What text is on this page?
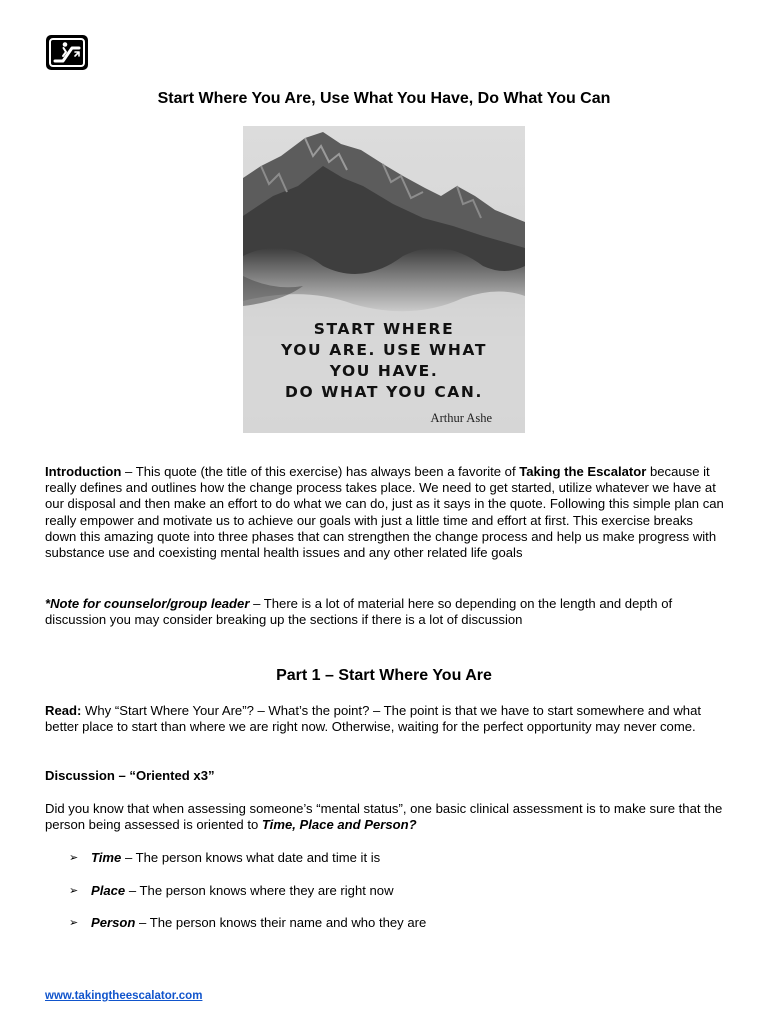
Start Where You Are, Use What You Have, Do What You Can
START WHERE
YOU ARE. USE WHAT
YOU HAVE.
DO WHAT YOU CAN.
Arthur Ashe

Introduction – This quote (the title of this exercise) has always been a favorite of Taking the Escalator because it really defines and outlines how the change process takes place. We need to get started, utilize whatever we have at our disposal and then make an effort to do what we can do, just as it says in the quote. Following this simple plan can really empower and motivate us to achieve our goals with just a little time and effort at first. This exercise breaks down this amazing quote into three phases that can strengthen the change process and help us make progress with substance use and coexisting mental health issues and any other related life goals

*Note for counselor/group leader – There is a lot of material here so depending on the length and depth of discussion you may consider breaking up the sections if there is a lot of discussion

Part 1 – Start Where You Are

Read: Why “Start Where Your Are”? – What’s the point? – The point is that we have to start somewhere and what better place to start than where we are right now. Otherwise, waiting for the perfect opportunity may never come.

Discussion – “Oriented x3”

Did you know that when assessing someone’s “mental status”, one basic clinical assessment is to make sure that the person being assessed is oriented to Time, Place and Person?

➢ Time – The person knows what date and time it is
➢ Place – The person knows where they are right now
➢ Person – The person knows their name and who they are
www.takingtheescalator.com
